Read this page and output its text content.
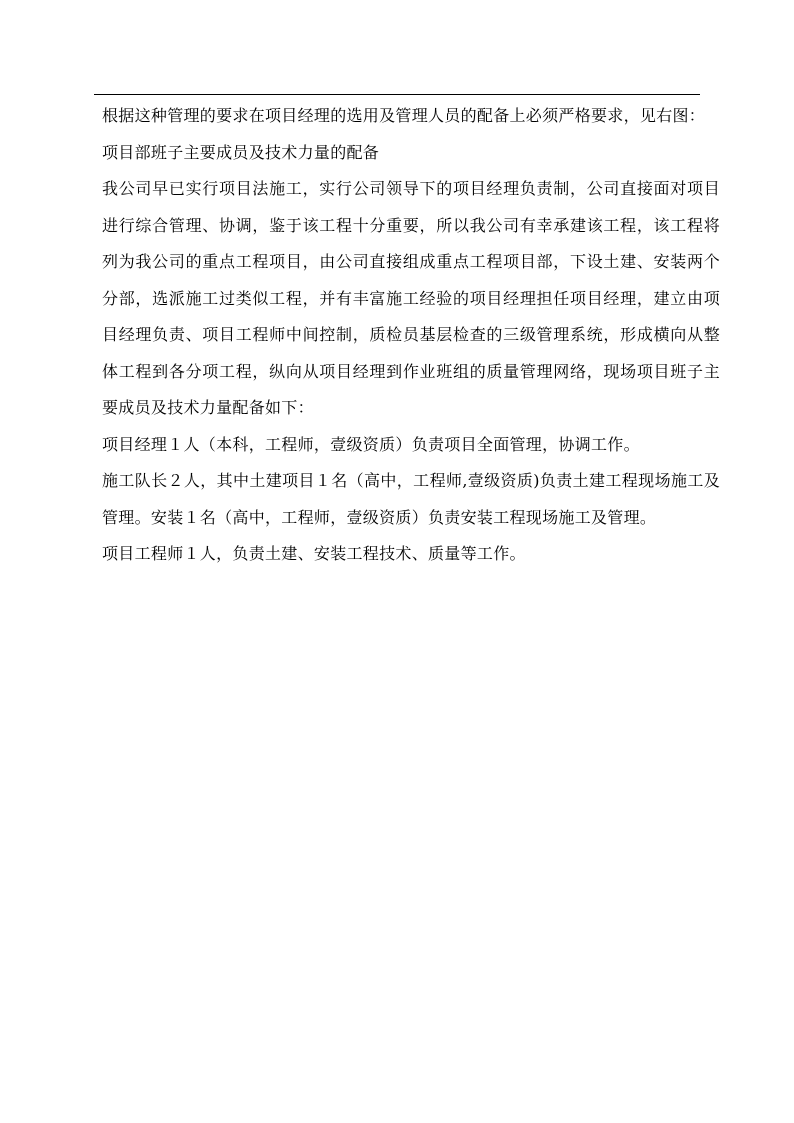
根据这种管理的要求在项目经理的选用及管理人员的配备上必须严格要求，见右图：

项目部班子主要成员及技术力量的配备

我公司早已实行项目法施工，实行公司领导下的项目经理负责制，公司直接面对项目进行综合管理、协调，鉴于该工程十分重要，所以我公司有幸承建该工程，该工程将列为我公司的重点工程项目，由公司直接组成重点工程项目部，下设土建、安装两个分部，选派施工过类似工程，并有丰富施工经验的项目经理担任项目经理，建立由项目经理负责、项目工程师中间控制，质检员基层检查的三级管理系统，形成横向从整体工程到各分项工程，纵向从项目经理到作业班组的质量管理网络，现场项目班子主要成员及技术力量配备如下：

项目经理１人（本科，工程师，壹级资质）负责项目全面管理，协调工作。

施工队长２人，其中土建项目１名（高中，工程师,壹级资质)负责土建工程现场施工及管理。安装１名（高中，工程师，壹级资质）负责安装工程现场施工及管理。

项目工程师１人，负责土建、安装工程技术、质量等工作。
